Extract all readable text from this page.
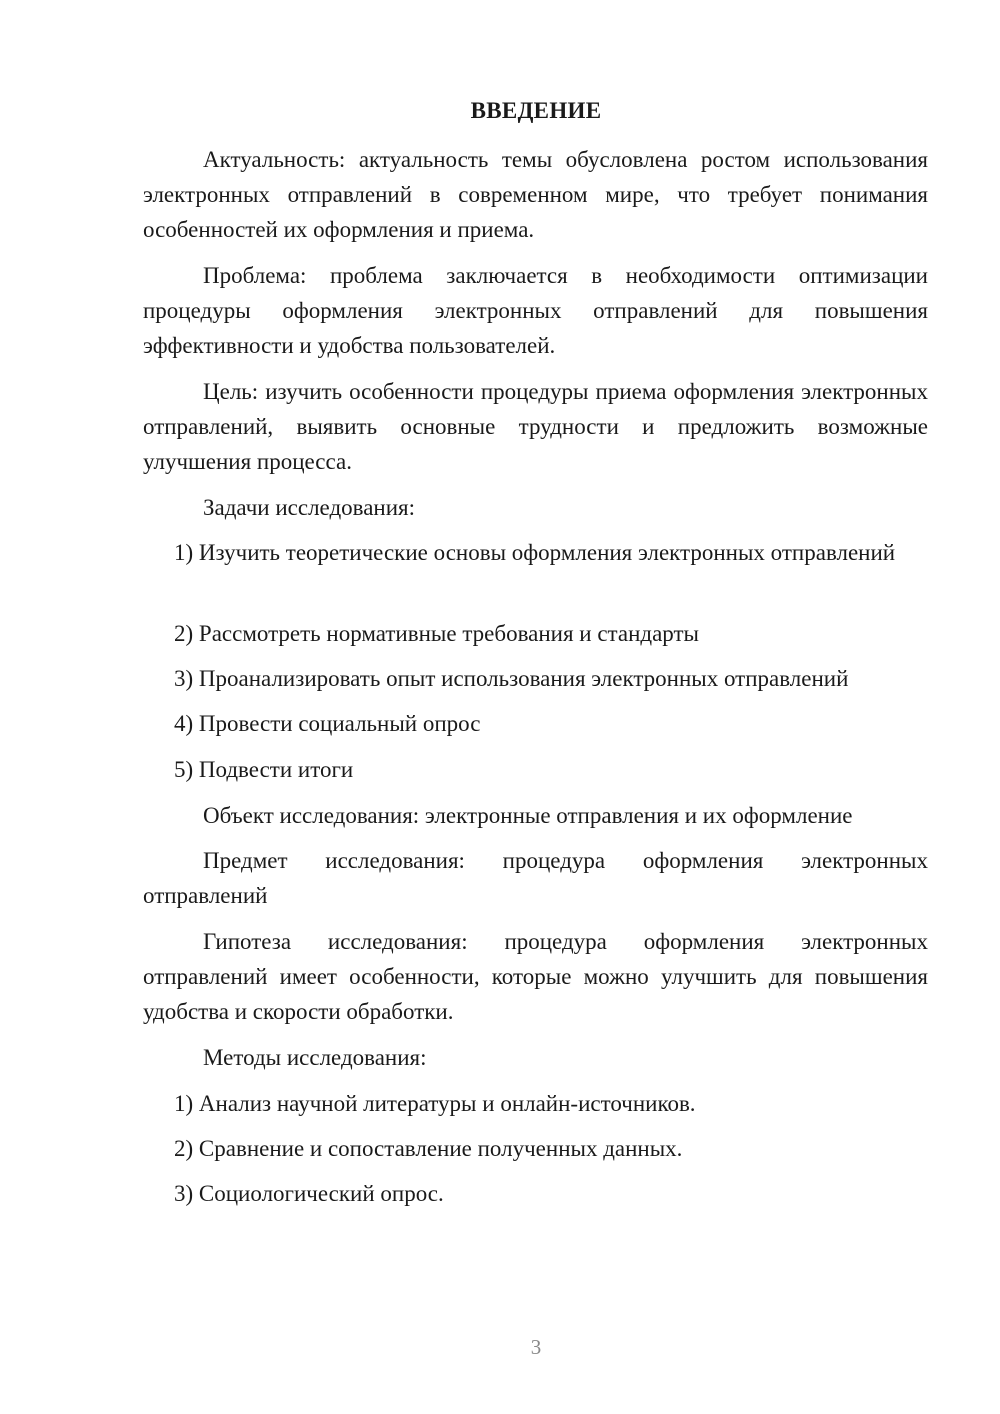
ВВЕДЕНИЕ

Актуальность: актуальность темы обусловлена ростом использования электронных отправлений в современном мире, что требует понимания особенностей их оформления и приема.

Проблема: проблема заключается в необходимости оптимизации процедуры оформления электронных отправлений для повышения эффективности и удобства пользователей.

Цель: изучить особенности процедуры приема оформления электронных отправлений, выявить основные трудности и предложить возможные улучшения процесса.

Задачи исследования:

1) Изучить теоретические основы оформления электронных отправлений

2) Рассмотреть нормативные требования и стандарты

3) Проанализировать опыт использования электронных отправлений

4) Провести социальный опрос

5) Подвести итоги

Объект исследования: электронные отправления и их оформление

Предмет исследования: процедура оформления электронных отправлений

Гипотеза исследования: процедура оформления электронных отправлений имеет особенности, которые можно улучшить для повышения удобства и скорости обработки.

Методы исследования:

1) Анализ научной литературы и онлайн-источников.

2) Сравнение и сопоставление полученных данных.

3) Социологический опрос.

3
